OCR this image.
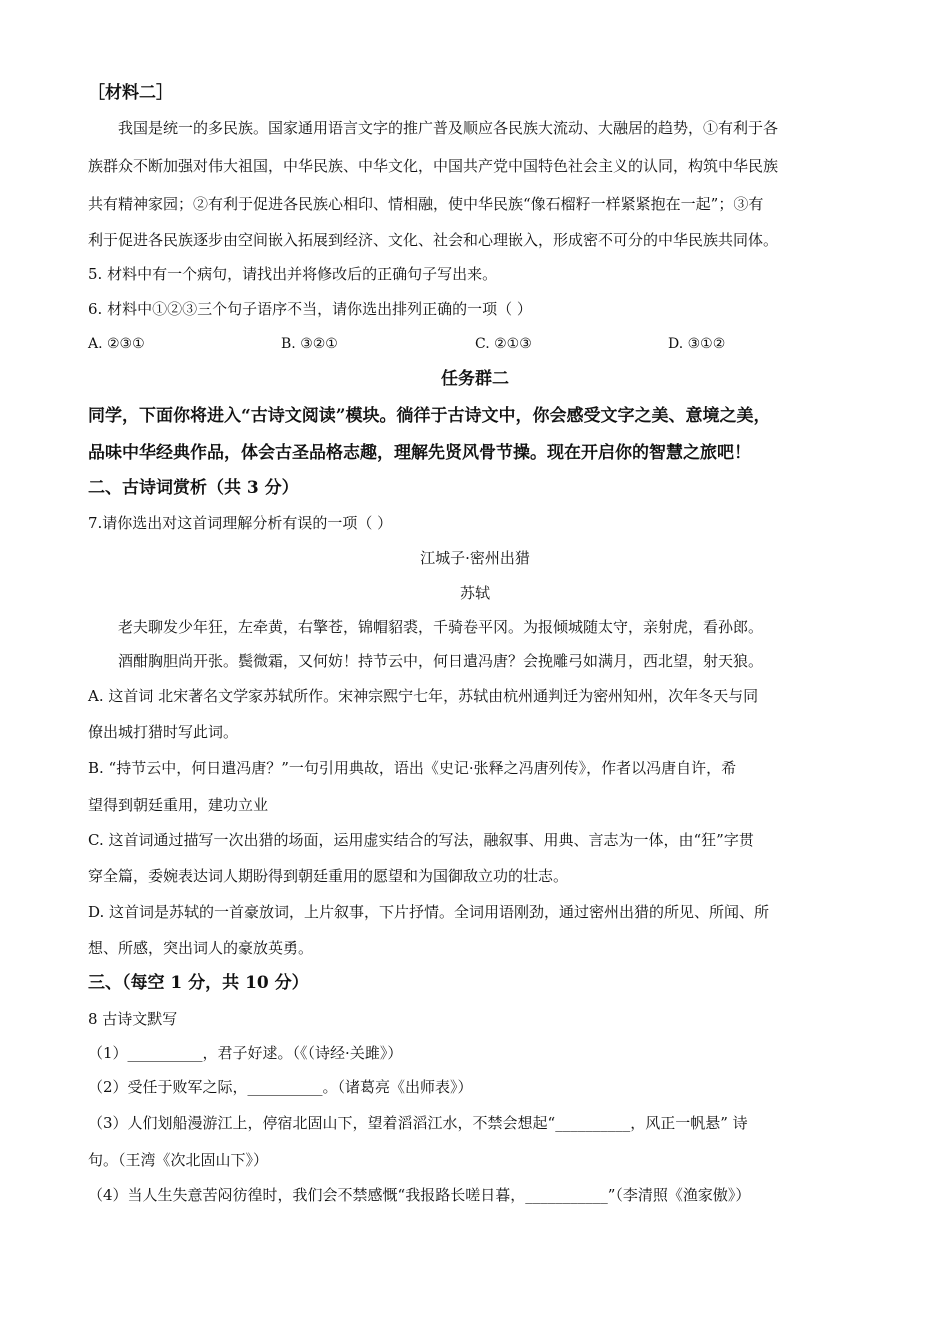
［材料二］
我国是统一的多民族。国家通用语言文字的推广普及顺应各民族大流动、大融居的趋势，①有利于各
族群众不断加强对伟大祖国，中华民族、中华文化，中国共产党中国特色社会主义的认同，构筑中华民族
共有精神家园；②有利于促进各民族心相印、情相融，使中华民族“像石榴籽一样紧紧抱在一起”；③有
利于促进各民族逐步由空间嵌入拓展到经济、文化、社会和心理嵌入，形成密不可分的中华民族共同体。
5. 材料中有一个病句，请找出并将修改后的正确句子写出来。
6. 材料中①②③三个句子语序不当，请你选出排列正确的一项（ ）
A. ②③①	B. ③②①	C. ②①③	D. ③①②
任务群二
同学，下面你将进入“古诗文阅读”模块。徜徉于古诗文中，你会感受文字之美、意境之美，
品味中华经典作品，体会古圣品格志趣，理解先贤风骨节操。现在开启你的智慧之旅吧！
二、古诗词赏析（共 3 分）
7.请你选出对这首词理解分析有误的一项（ ）
江城子·密州出猎
苏轼
老夫聊发少年狂，左牵黄，右擎苍，锦帽貂裘，千骑卷平冈。为报倾城随太守，亲射虎，看孙郎。
酒酣胸胆尚开张。鬓微霜，又何妨！持节云中，何日遣冯唐？会挽雕弓如满月，西北望，射天狼。
A. 这首词 北宋著名文学家苏轼所作。宋神宗熙宁七年，苏轼由杭州通判迁为密州知州，次年冬天与同
僚出城打猎时写此词。
B. “持节云中，何日遣冯唐？”一句引用典故，语出《史记·张释之冯唐列传》，作者以冯唐自许，希
望得到朝廷重用，建功立业
C. 这首词通过描写一次出猎的场面，运用虚实结合的写法，融叙事、用典、言志为一体，由“狂”字贯
穿全篇，委婉表达词人期盼得到朝廷重用的愿望和为国御敌立功的壮志。
D. 这首词是苏轼的一首豪放词，上片叙事，下片抒情。全词用语刚劲，通过密州出猎的所见、所闻、所
想、所感，突出词人的豪放英勇。
三、（每空 1 分，共 10 分）
8 古诗文默写
（1）__________，君子好逑。（《（诗经·关雎》）
（2）受任于败军之际，__________。（诸葛亮《出师表》）
（3）人们划船漫游江上，停宿北固山下，望着滔滔江水，不禁会想起“__________，风正一帆悬” 诗
句。（王湾《次北固山下》）
（4）当人生失意苦闷彷徨时，我们会不禁感慨“我报路长嗟日暮，___________”（李清照《渔家傲》）
